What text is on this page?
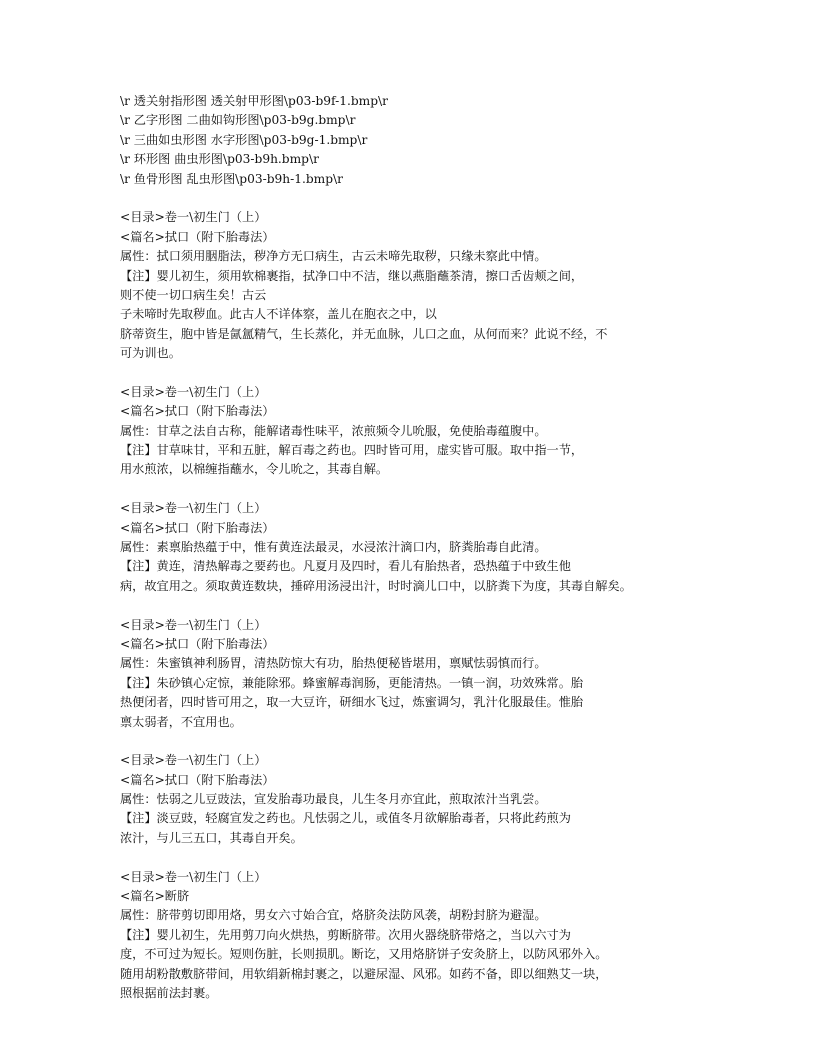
\r 透关射指形图 透关射甲形图\p03-b9f-1.bmp\r
\r 乙字形图 二曲如钩形图\p03-b9g.bmp\r
\r 三曲如虫形图 水字形图\p03-b9g-1.bmp\r
\r 环形图 曲虫形图\p03-b9h.bmp\r
\r 鱼骨形图 乱虫形图\p03-b9h-1.bmp\r
<目录>卷一\初生门（上）
<篇名>拭口（附下胎毒法）
属性：拭口须用胭脂法，秽净方无口病生，古云未啼先取秽，只缘未察此中情。
【注】婴儿初生，须用软棉裹指，拭净口中不洁，继以燕脂蘸茶清，擦口舌齿颊之间，
则不使一切口病生矣！古云
子未啼时先取秽血。此古人不详体察，盖儿在胞衣之中，以
脐蒂资生，胞中皆是氤氲精气，生长蒸化，并无血脉，儿口之血，从何而来？此说不经，不
可为训也。
<目录>卷一\初生门（上）
<篇名>拭口（附下胎毒法）
属性：甘草之法自古称，能解诸毒性味平，浓煎频令儿吮服，免使胎毒蕴腹中。
【注】甘草味甘，平和五脏，解百毒之药也。四时皆可用，虚实皆可服。取中指一节，
用水煎浓，以棉缠指蘸水，令儿吮之，其毒自解。
<目录>卷一\初生门（上）
<篇名>拭口（附下胎毒法）
属性：素禀胎热蕴于中，惟有黄连法最灵，水浸浓汁滴口内，脐粪胎毒自此清。
【注】黄连，清热解毒之要药也。凡夏月及四时，看儿有胎热者，恐热蕴于中致生他
病，故宜用之。须取黄连数块，捶碎用汤浸出汁，时时滴儿口中，以脐粪下为度，其毒自解矣。
<目录>卷一\初生门（上）
<篇名>拭口（附下胎毒法）
属性：朱蜜镇神利肠胃，清热防惊大有功，胎热便秘皆堪用，禀赋怯弱慎而行。
【注】朱砂镇心定惊，兼能除邪。蜂蜜解毒润肠，更能清热。一镇一润，功效殊常。胎
热便闭者，四时皆可用之，取一大豆许，研细水飞过，炼蜜调匀，乳汁化服最佳。惟胎
禀太弱者，不宜用也。
<目录>卷一\初生门（上）
<篇名>拭口（附下胎毒法）
属性：怯弱之儿豆豉法，宣发胎毒功最良，儿生冬月亦宜此，煎取浓汁当乳尝。
【注】淡豆豉，轻腐宣发之药也。凡怯弱之儿，或值冬月欲解胎毒者，只将此药煎为
浓汁，与儿三五口，其毒自开矣。
<目录>卷一\初生门（上）
<篇名>断脐
属性：脐带剪切即用烙，男女六寸始合宜，烙脐灸法防风袭，胡粉封脐为避湿。
【注】婴儿初生，先用剪刀向火烘热，剪断脐带。次用火器绕脐带烙之，当以六寸为
度，不可过为短长。短则伤脏，长则损肌。断讫，又用烙脐饼子安灸脐上，以防风邪外入。
随用胡粉散敷脐带间，用软绢新棉封裹之，以避尿湿、风邪。如药不备，即以细熟艾一块，
照根据前法封裹。
